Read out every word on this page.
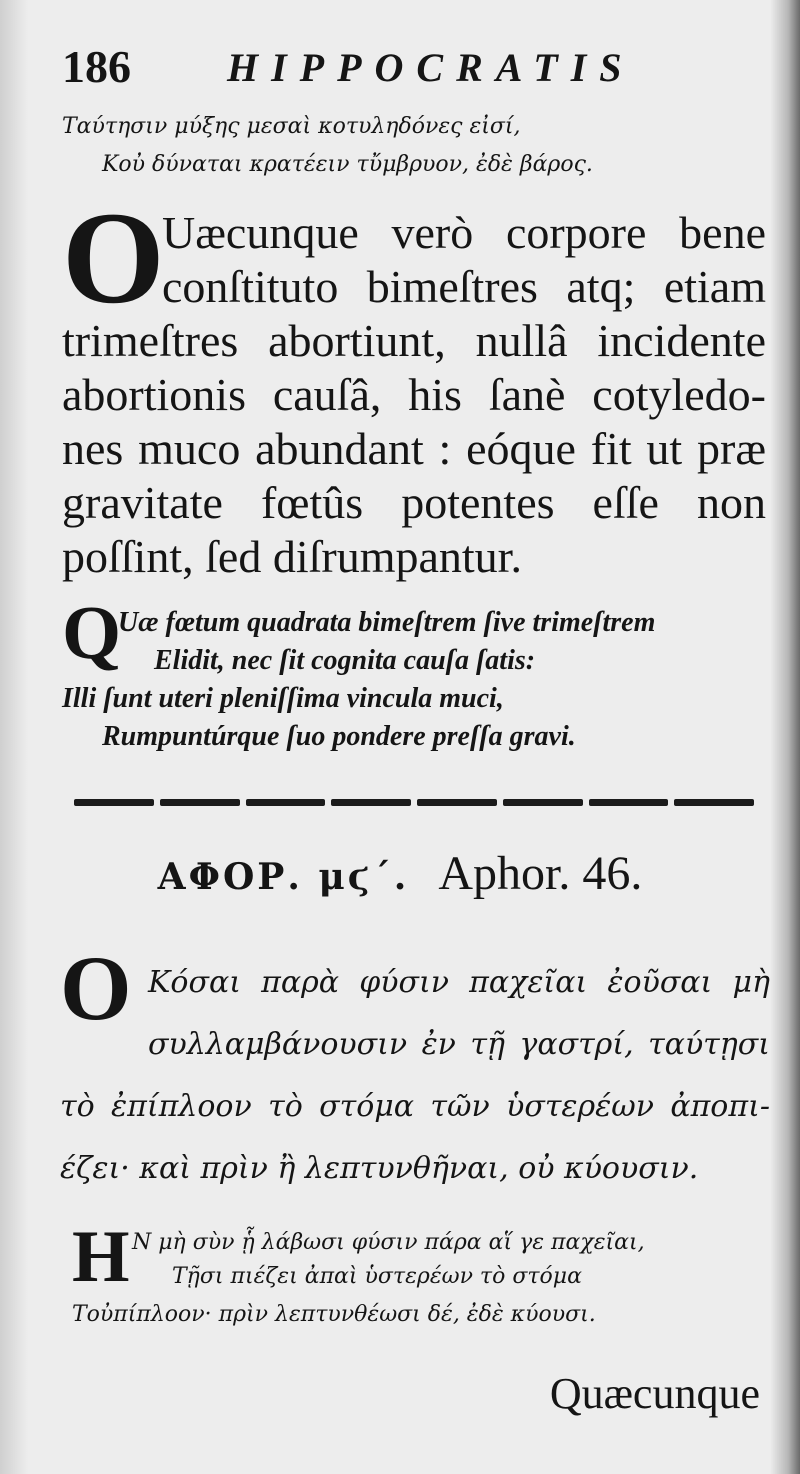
186 HIPPOCRATIS
Ταύτησιν μύξης μεσαὶ κοτυληδόνες εἰσί,
Κοὐ δύναται κρατέειν τὔμβρυον, ἐδὲ βάρος.
O
Uæcunque verò corpore bene
conſtituto bimeſtres atq; etiam
trimeſtres abortiunt, nullâ incidente
abortionis cauſâ, his ſanè cotyledo-
nes muco abundant : eóque fit ut præ
gravitate fœtûs potentes eſſe non
poſſint, ſed diſrumpantur.
Q
Uæ fœtum quadrata bimeſtrem ſive trimeſtrem
Elidit, nec ſit cognita cauſa ſatis:
Illi ſunt uteri pleniſſima vincula muci,
Rumpuntúrque ſuo pondere preſſa gravi.
ΑΦΟΡ. μϛ΄. Aphor. 46.
O Κόσαι παρὰ φύσιν παχεῖαι ἐοῦσαι μὴ
συλλαμβάνουσιν ἐν τῇ γαστρί, ταύτῃσι
τὸ ἐπίπλοον τὸ στόμα τῶν ὑστερέων ἀποπι-
έζει· καὶ πρὶν ἢ λεπτυνθῆναι, οὐ κύουσιν.
H Ν μὴ σὺν ᾗ λάβωσι φύσιν πάρα αἵ γε παχεῖαι,
Τῇσι πιέζει ἀπαὶ ὑστερέων τὸ στόμα
Τοὐπίπλοον· πρὶν λεπτυνθέωσι δέ, ἐδὲ κύουσι.
Quæcunque
